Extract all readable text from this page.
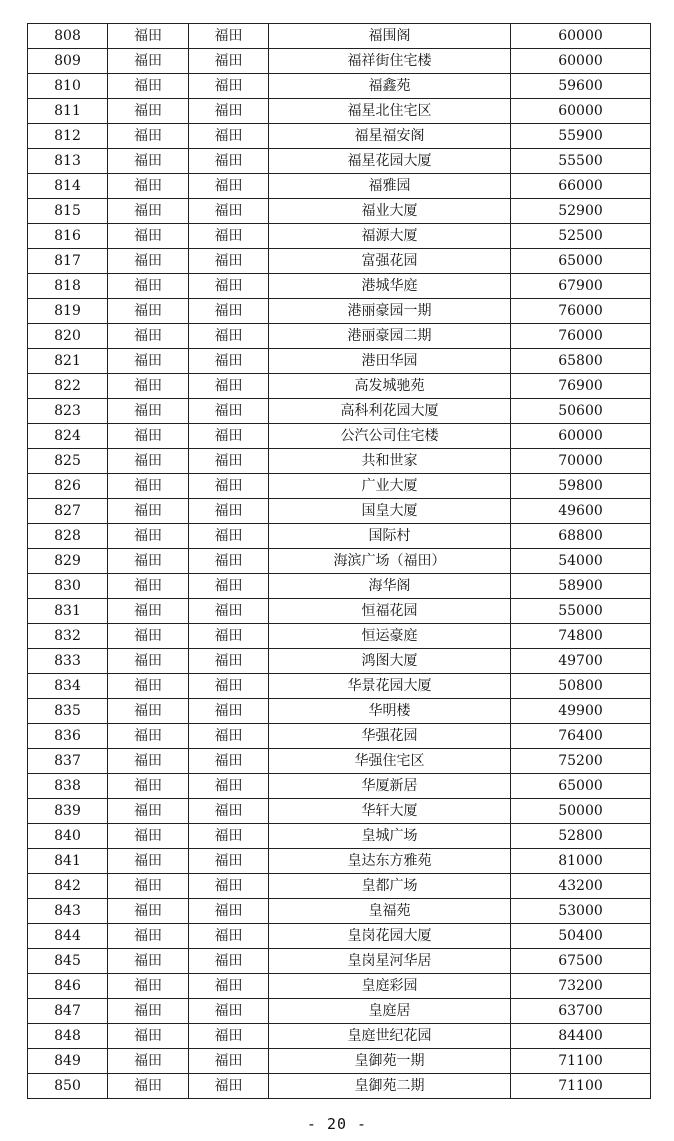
808	福田	福田	福围阁	60000
809	福田	福田	福祥街住宅楼	60000
810	福田	福田	福鑫苑	59600
811	福田	福田	福星北住宅区	60000
812	福田	福田	福星福安阁	55900
813	福田	福田	福星花园大厦	55500
814	福田	福田	福雅园	66000
815	福田	福田	福业大厦	52900
816	福田	福田	福源大厦	52500
817	福田	福田	富强花园	65000
818	福田	福田	港城华庭	67900
819	福田	福田	港丽豪园一期	76000
820	福田	福田	港丽豪园二期	76000
821	福田	福田	港田华园	65800
822	福田	福田	高发城驰苑	76900
823	福田	福田	高科利花园大厦	50600
824	福田	福田	公汽公司住宅楼	60000
825	福田	福田	共和世家	70000
826	福田	福田	广业大厦	59800
827	福田	福田	国皇大厦	49600
828	福田	福田	国际村	68800
829	福田	福田	海滨广场（福田）	54000
830	福田	福田	海华阁	58900
831	福田	福田	恒福花园	55000
832	福田	福田	恒运豪庭	74800
833	福田	福田	鸿图大厦	49700
834	福田	福田	华景花园大厦	50800
835	福田	福田	华明楼	49900
836	福田	福田	华强花园	76400
837	福田	福田	华强住宅区	75200
838	福田	福田	华厦新居	65000
839	福田	福田	华轩大厦	50000
840	福田	福田	皇城广场	52800
841	福田	福田	皇达东方雅苑	81000
842	福田	福田	皇都广场	43200
843	福田	福田	皇福苑	53000
844	福田	福田	皇岗花园大厦	50400
845	福田	福田	皇岗星河华居	67500
846	福田	福田	皇庭彩园	73200
847	福田	福田	皇庭居	63700
848	福田	福田	皇庭世纪花园	84400
849	福田	福田	皇御苑一期	71100
850	福田	福田	皇御苑二期	71100
- 20 -
